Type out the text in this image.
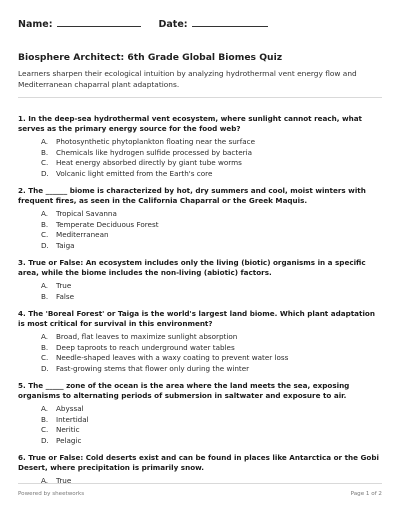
Name:	Date:
Biosphere Architect: 6th Grade Global Biomes Quiz
Learners sharpen their ecological intuition by analyzing hydrothermal vent energy flow and Mediterranean chaparral plant adaptations.
1. In the deep-sea hydrothermal vent ecosystem, where sunlight cannot reach, what serves as the primary energy source for the food web?
A.	Photosynthetic phytoplankton floating near the surface
B.	Chemicals like hydrogen sulfide processed by bacteria
C.	Heat energy absorbed directly by giant tube worms
D. Volcanic light emitted from the Earth's core
2. The ______ biome is characterized by hot, dry summers and cool, moist winters with frequent fires, as seen in the California Chaparral or the Greek Maquis.
A.	Tropical Savanna
B.	Temperate Deciduous Forest
C.	Mediterranean
D. Taiga
3. True or False: An ecosystem includes only the living (biotic) organisms in a specific area, while the biome includes the non-living (abiotic) factors.
A.	True
B.	False
4. The 'Boreal Forest' or Taiga is the world's largest land biome. Which plant adaptation is most critical for survival in this environment?
A.	Broad, flat leaves to maximize sunlight absorption
B.	Deep taproots to reach underground water tables
C.	Needle-shaped leaves with a waxy coating to prevent water loss
D. Fast-growing stems that flower only during the winter
5. The _____ zone of the ocean is the area where the land meets the sea, exposing organisms to alternating periods of submersion in saltwater and exposure to air.
A.	Abyssal
B.	Intertidal
C.	Neritic
D. Pelagic
6. True or False: Cold deserts exist and can be found in places like Antarctica or the Gobi Desert, where precipitation is primarily snow.
A.	True
Powered by sheetworks	Page 1 of 2
